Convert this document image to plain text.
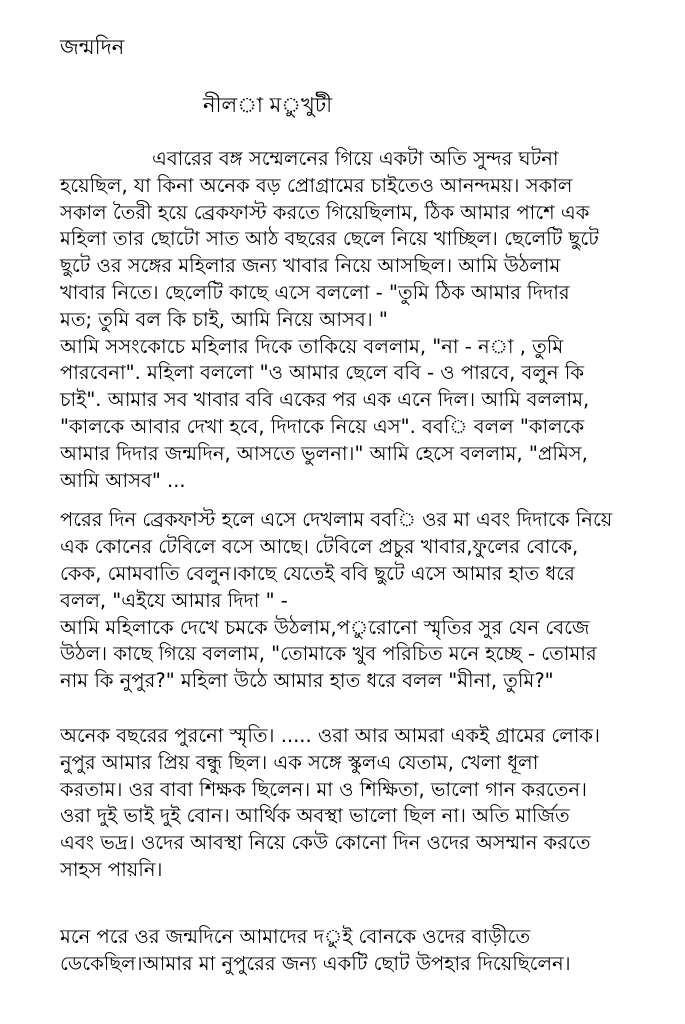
জন্মদিন
নীল◌া ম◌ুখুটী
এবারের বঙ্গ সম্মেলনের গিয়ে একটা অতি সুন্দর ঘটনা
হয়েছিল, যা কিনা অনেক বড় প্রোগ্রামের চাইতেও আনন্দময়। সকাল
সকাল তৈরী হয়ে ব্রেকফাস্ট করতে গিয়েছিলাম, ঠিক আমার পাশে এক
মহিলা তার ছোটো সাত আঠ বছরের ছেলে নিয়ে খাচ্ছিল। ছেলেটি ছুটে
ছুটে ওর সঙ্গের মহিলার জন্য খাবার নিয়ে আসছিল। আমি উঠলাম
খাবার নিতে। ছেলেটি কাছে এসে বললো - "তুমি ঠিক আমার দিদার
মত; তুমি বল কি চাই, আমি নিয়ে আসব। "
আমি সসংকোচে মহিলার দিকে তাকিয়ে বললাম, "না - ন◌া , তুমি
পারবেনা". মহিলা বললো "ও আমার ছেলে ববি - ও পারবে, বলুন কি
চাই". আমার সব খাবার ববি একের পর এক এনে দিল। আমি বললাম,
"কালকে আবার দেখা হবে, দিদাকে নিয়ে এস". বব◌ি বলল "কালকে
আমার দিদার জন্মদিন, আসতে ভুলনা।" আমি হেসে বললাম, "প্রমিস,
আমি আসব" ...
পরের দিন ব্রেকফাস্ট হলে এসে দেখলাম বব◌ি ওর মা এবং দিদাকে নিয়ে
এক কোনের টেবিলে বসে আছে। টেবিলে প্রচুর খাবার,ফুলের বোকে,
কেক, মোমবাতি বেলুন।কাছে যেতেই ববি ছুটে এসে আমার হাত ধরে
বলল, "এইযে আমার দিদা " -
আমি মহিলাকে দেখে চমকে উঠলাম,প◌ুরোনো স্মৃতির সুর যেন বেজে
উঠল। কাছে গিয়ে বললাম, "তোমাকে খুব পরিচিত মনে হচ্ছে - তোমার
নাম কি নুপুর?" মহিলা উঠে আমার হাত ধরে বলল "মীনা, তুমি?"
অনেক বছরের পুরনো স্মৃতি। ..... ওরা আর আমরা একই গ্রামের লোক।
নুপুর আমার প্রিয় বন্ধু ছিল। এক সঙ্গে স্কুলএ যেতাম, খেলা ধূলা
করতাম। ওর বাবা শিক্ষক ছিলেন। মা ও শিক্ষিতা, ভালো গান করতেন।
ওরা দুই ভাই দুই বোন। আর্থিক অবস্থা ভালো ছিল না। অতি মার্জিত
এবং ভদ্র। ওদের আবস্থা নিয়ে কেউ কোনো দিন ওদের অসম্মান করতে
সাহস পায়নি।
মনে পরে ওর জন্মদিনে আমাদের দ◌ুই বোনকে ওদের বাড়ীতে
ডেকেছিল।আমার মা নুপুরের জন্য একটি ছোট উপহার দিয়েছিলেন।
